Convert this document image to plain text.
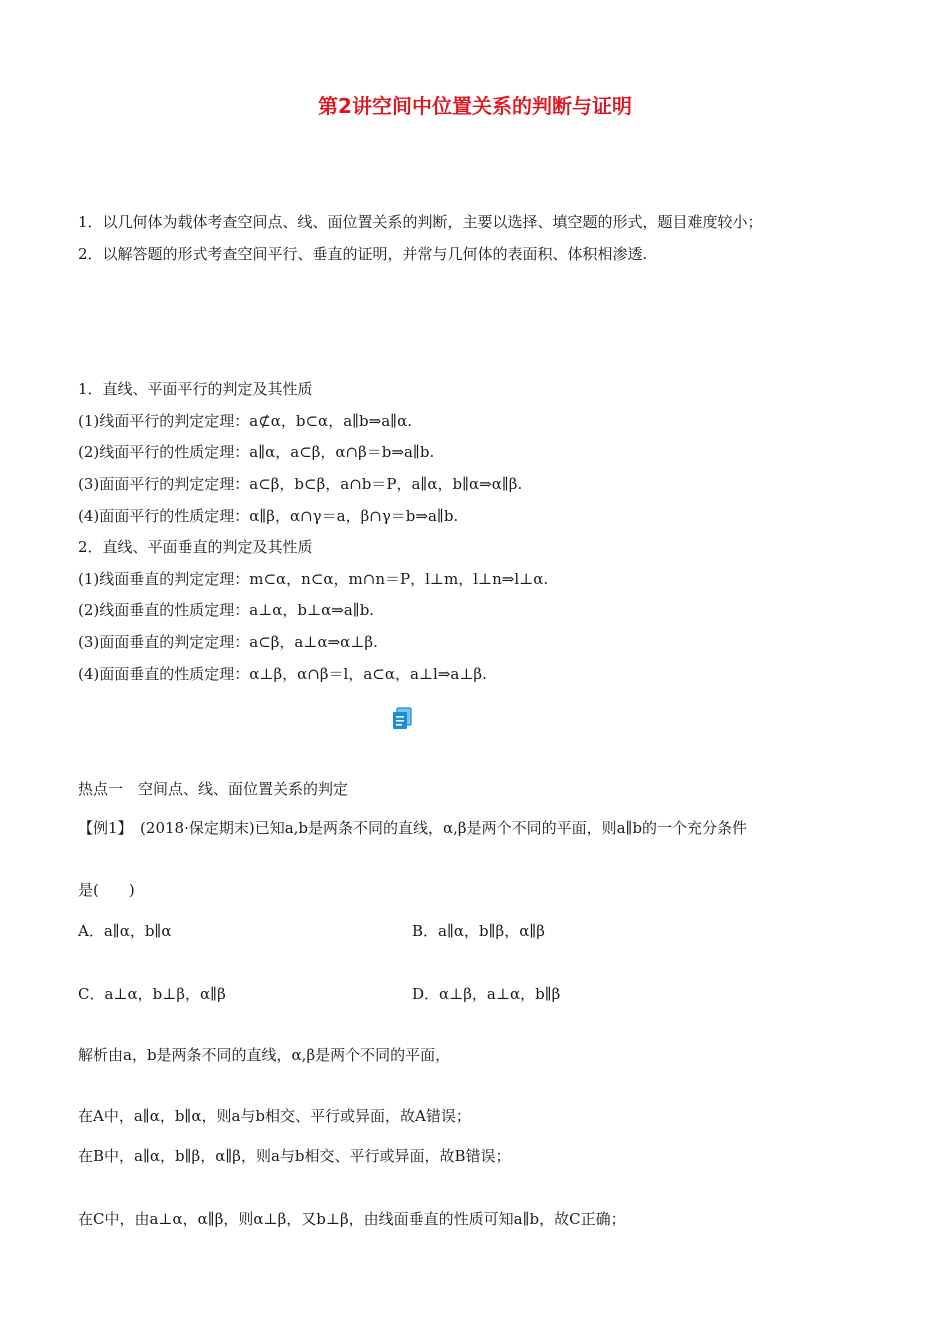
第2讲空间中位置关系的判断与证明
1．以几何体为载体考查空间点、线、面位置关系的判断，主要以选择、填空题的形式，题目难度较小；
2．以解答题的形式考查空间平行、垂直的证明，并常与几何体的表面积、体积相渗透.
1．直线、平面平行的判定及其性质
(1)线面平行的判定定理：a⊄α，b⊂α，a∥b⇒a∥α.
(2)线面平行的性质定理：a∥α，a⊂β，α∩β＝b⇒a∥b.
(3)面面平行的判定定理：a⊂β，b⊂β，a∩b＝P，a∥α，b∥α⇒α∥β.
(4)面面平行的性质定理：α∥β，α∩γ＝a，β∩γ＝b⇒a∥b.
2．直线、平面垂直的判定及其性质
(1)线面垂直的判定定理：m⊂α，n⊂α，m∩n＝P，l⊥m，l⊥n⇒l⊥α.
(2)线面垂直的性质定理：a⊥α，b⊥α⇒a∥b.
(3)面面垂直的判定定理：a⊂β，a⊥α⇒α⊥β.
(4)面面垂直的性质定理：α⊥β，α∩β＝l，a⊂α，a⊥l⇒a⊥β.
热点一　空间点、线、面位置关系的判定
【例1】　(2018·保定期末)已知a,b是两条不同的直线，α,β是两个不同的平面，则a∥b的一个充分条件
是(　　)
A．a∥α，b∥α	B．a∥α，b∥β，α∥β
C．a⊥α，b⊥β，α∥β	D．α⊥β，a⊥α，b∥β
解析由a，b是两条不同的直线，α,β是两个不同的平面，
在A中，a∥α，b∥α，则a与b相交、平行或异面，故A错误；
在B中，a∥α，b∥β，α∥β，则a与b相交、平行或异面，故B错误；
在C中，由a⊥α，α∥β，则α⊥β，又b⊥β，由线面垂直的性质可知a∥b，故C正确；
